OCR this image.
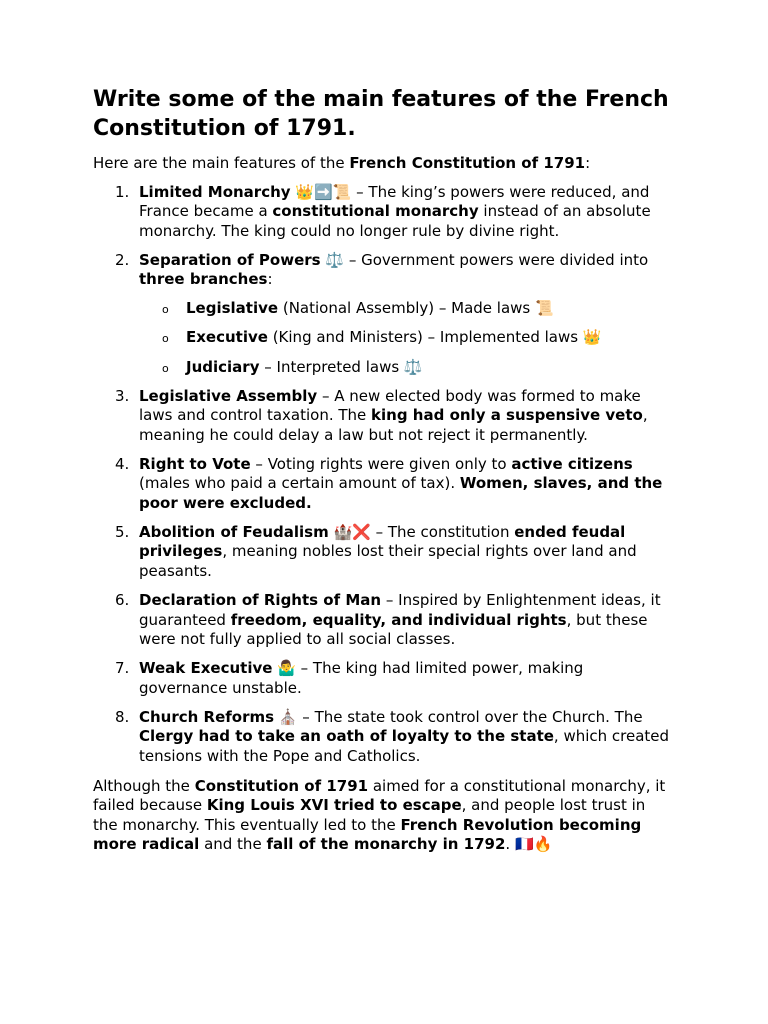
Write some of the main features of the French Constitution of 1791.

Here are the main features of the French Constitution of 1791:

1. Limited Monarchy 👑➡️📜 – The king’s powers were reduced, and France became a constitutional monarchy instead of an absolute monarchy. The king could no longer rule by divine right.
2. Separation of Powers ⚖️ – Government powers were divided into three branches:
o Legislative (National Assembly) – Made laws 📜
o Executive (King and Ministers) – Implemented laws 👑
o Judiciary – Interpreted laws ⚖️
3. Legislative Assembly – A new elected body was formed to make laws and control taxation. The king had only a suspensive veto, meaning he could delay a law but not reject it permanently.
4. Right to Vote – Voting rights were given only to active citizens (males who paid a certain amount of tax). Women, slaves, and the poor were excluded.
5. Abolition of Feudalism 🏰❌ – The constitution ended feudal privileges, meaning nobles lost their special rights over land and peasants.
6. Declaration of Rights of Man – Inspired by Enlightenment ideas, it guaranteed freedom, equality, and individual rights, but these were not fully applied to all social classes.
7. Weak Executive 🤷‍♂️ – The king had limited power, making governance unstable.
8. Church Reforms ⛪ – The state took control over the Church. The Clergy had to take an oath of loyalty to the state, which created tensions with the Pope and Catholics.

Although the Constitution of 1791 aimed for a constitutional monarchy, it failed because King Louis XVI tried to escape, and people lost trust in the monarchy. This eventually led to the French Revolution becoming more radical and the fall of the monarchy in 1792. 🇫🇷🔥
